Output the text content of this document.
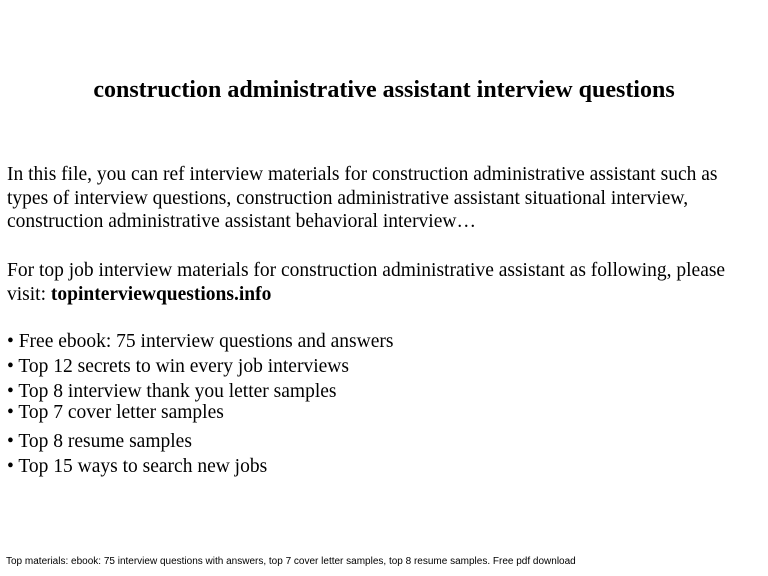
construction administrative assistant interview questions
In this file, you can ref interview materials for construction administrative assistant such as types of interview questions, construction administrative assistant situational interview, construction administrative assistant behavioral interview…
For top job interview materials for construction administrative assistant as following, please visit: topinterviewquestions.info
• Free ebook: 75 interview questions and answers
• Top 12 secrets to win every job interviews
• Top 8 interview thank you letter samples
• Top 7 cover letter samples
• Top 8 resume samples
• Top 15 ways to search new jobs
Top materials: ebook: 75 interview questions with answers, top 7 cover letter samples, top 8 resume samples. Free pdf download
